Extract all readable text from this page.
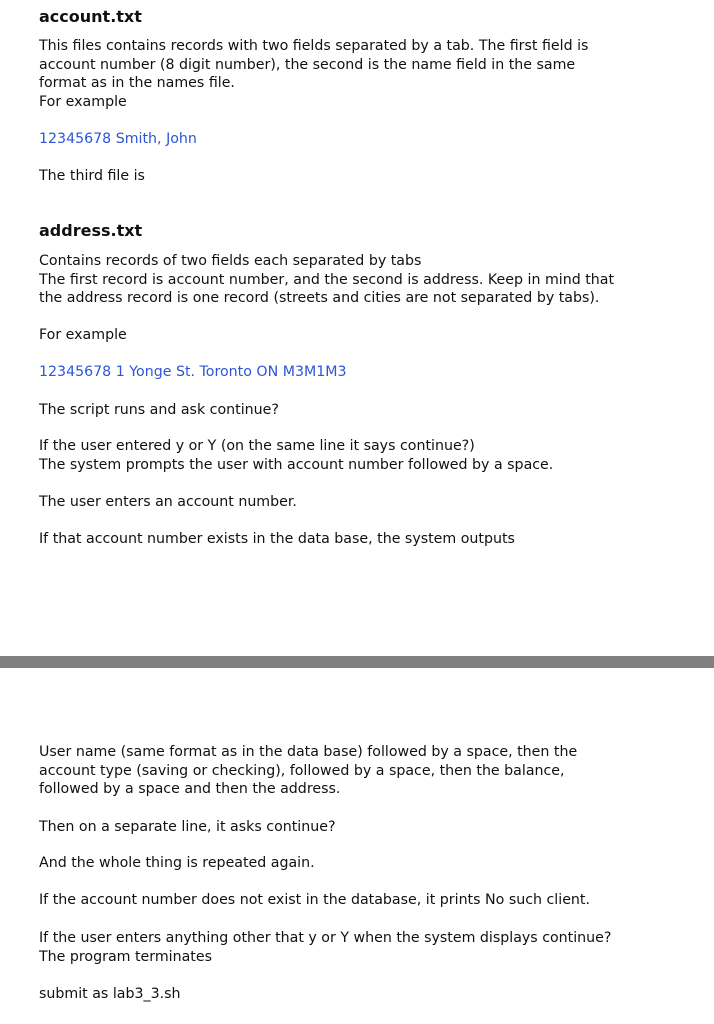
account.txt

This files contains records with two fields separated by a tab. The first field is
account number (8 digit number), the second is the name field in the same
format as in the names file.
For example

12345678 Smith, John

The third file is

address.txt

Contains records of two fields each separated by tabs
The first record is account number, and the second is address. Keep in mind that
the address record is one record (streets and cities are not separated by tabs).

For example

12345678 1 Yonge St. Toronto ON M3M1M3

The script runs and ask continue?

If the user entered y or Y (on the same line it says continue?)
The system prompts the user with account number followed by a space.

The user enters an account number.

If that account number exists in the data base, the system outputs

User name (same format as in the data base) followed by a space, then the
account type (saving or checking), followed by a space, then the balance,
followed by a space and then the address.

Then on a separate line, it asks continue?

And the whole thing is repeated again.

If the account number does not exist in the database, it prints No such client.

If the user enters anything other that y or Y when the system displays continue?
The program terminates

submit as lab3_3.sh
